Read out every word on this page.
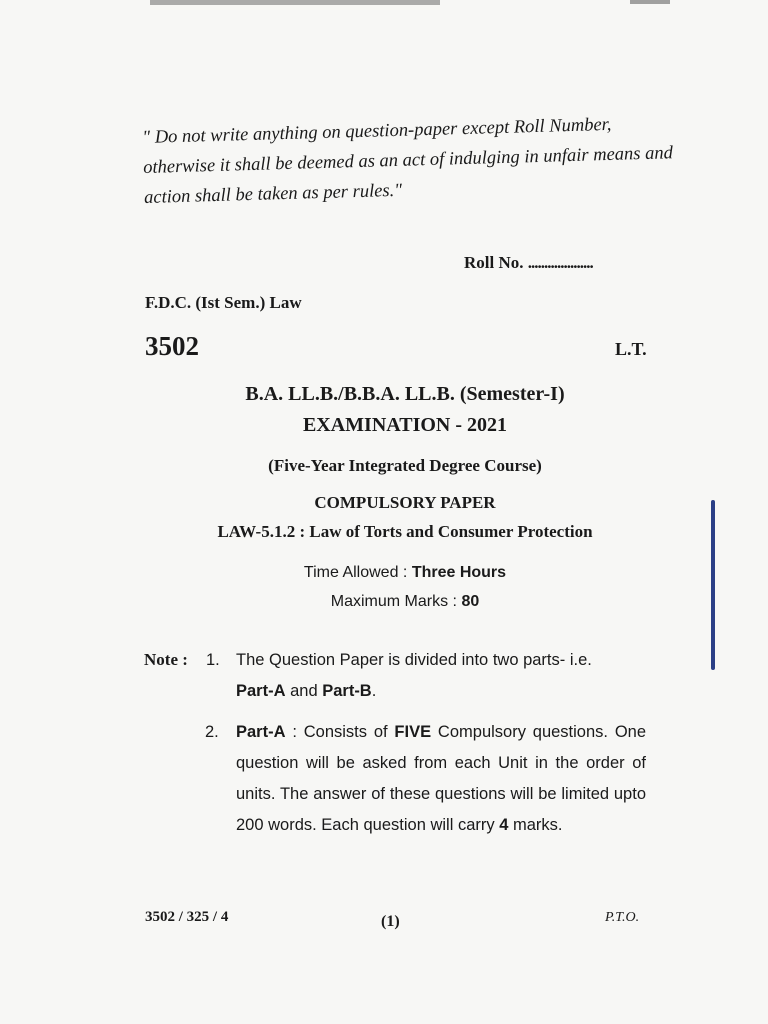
" Do not write anything on question-paper except Roll Number, otherwise it shall be deemed as an act of indulging in unfair means and action shall be taken as per rules."
Roll No. ....................
F.D.C. (Ist Sem.) Law
3502	L.T.
B.A. LL.B./B.B.A. LL.B. (Semester-I)
EXAMINATION - 2021
(Five-Year Integrated Degree Course)
COMPULSORY PAPER
LAW-5.1.2 : Law of Torts and Consumer Protection
Time Allowed : Three Hours
Maximum Marks : 80
Note : 1. The Question Paper is divided into two parts- i.e.
Part-A and Part-B.
2. Part-A : Consists of FIVE Compulsory questions. One question will be asked from each Unit in the order of units. The answer of these questions will be limited upto 200 words. Each question will carry 4 marks.
3502 / 325 / 4	(1)	P.T.O.
